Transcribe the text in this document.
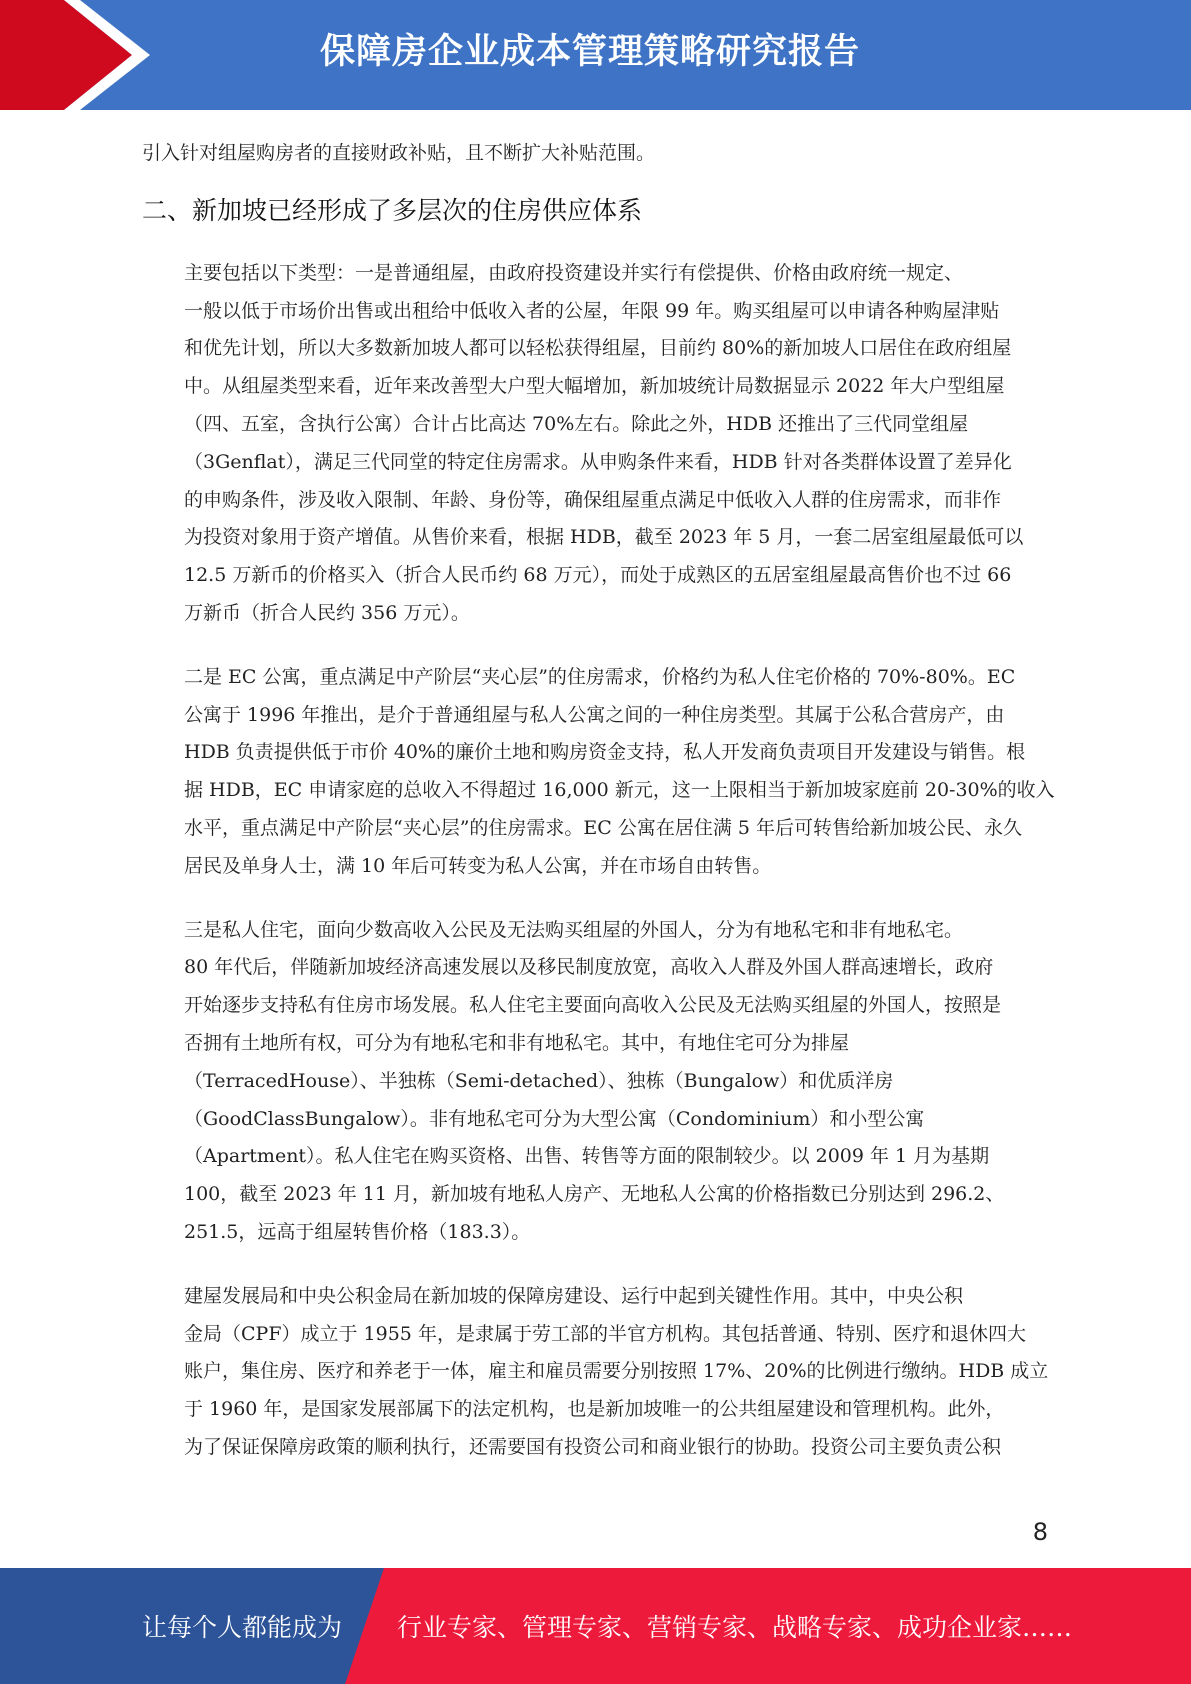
保障房企业成本管理策略研究报告

引入针对组屋购房者的直接财政补贴，且不断扩大补贴范围。

二、新加坡已经形成了多层次的住房供应体系

主要包括以下类型：一是普通组屋，由政府投资建设并实行有偿提供、价格由政府统一规定、
一般以低于市场价出售或出租给中低收入者的公屋，年限 99 年。购买组屋可以申请各种购屋津贴
和优先计划，所以大多数新加坡人都可以轻松获得组屋，目前约 80%的新加坡人口居住在政府组屋
中。从组屋类型来看，近年来改善型大户型大幅增加，新加坡统计局数据显示 2022 年大户型组屋
（四、五室，含执行公寓）合计占比高达 70%左右。除此之外，HDB 还推出了三代同堂组屋
（3Genflat），满足三代同堂的特定住房需求。从申购条件来看，HDB 针对各类群体设置了差异化
的申购条件，涉及收入限制、年龄、身份等，确保组屋重点满足中低收入人群的住房需求，而非作
为投资对象用于资产增值。从售价来看，根据 HDB，截至 2023 年 5 月，一套二居室组屋最低可以
12.5 万新币的价格买入（折合人民币约 68 万元），而处于成熟区的五居室组屋最高售价也不过 66
万新币（折合人民约 356 万元）。

二是 EC 公寓，重点满足中产阶层“夹心层”的住房需求，价格约为私人住宅价格的 70%-80%。EC
公寓于 1996 年推出，是介于普通组屋与私人公寓之间的一种住房类型。其属于公私合营房产，由
HDB 负责提供低于市价 40%的廉价土地和购房资金支持，私人开发商负责项目开发建设与销售。根
据 HDB，EC 申请家庭的总收入不得超过 16,000 新元，这一上限相当于新加坡家庭前 20-30%的收入
水平，重点满足中产阶层“夹心层”的住房需求。EC 公寓在居住满 5 年后可转售给新加坡公民、永久
居民及单身人士，满 10 年后可转变为私人公寓，并在市场自由转售。

三是私人住宅，面向少数高收入公民及无法购买组屋的外国人，分为有地私宅和非有地私宅。
80 年代后，伴随新加坡经济高速发展以及移民制度放宽，高收入人群及外国人群高速增长，政府
开始逐步支持私有住房市场发展。私人住宅主要面向高收入公民及无法购买组屋的外国人，按照是
否拥有土地所有权，可分为有地私宅和非有地私宅。其中，有地住宅可分为排屋
（TerracedHouse）、半独栋（Semi-detached）、独栋（Bungalow）和优质洋房
（GoodClassBungalow）。非有地私宅可分为大型公寓（Condominium）和小型公寓
（Apartment）。私人住宅在购买资格、出售、转售等方面的限制较少。以 2009 年 1 月为基期
100，截至 2023 年 11 月，新加坡有地私人房产、无地私人公寓的价格指数已分别达到 296.2、
251.5，远高于组屋转售价格（183.3）。

建屋发展局和中央公积金局在新加坡的保障房建设、运行中起到关键性作用。其中，中央公积
金局（CPF）成立于 1955 年，是隶属于劳工部的半官方机构。其包括普通、特别、医疗和退休四大
账户，集住房、医疗和养老于一体，雇主和雇员需要分别按照 17%、20%的比例进行缴纳。HDB 成立
于 1960 年，是国家发展部属下的法定机构，也是新加坡唯一的公共组屋建设和管理机构。此外，
为了保证保障房政策的顺利执行，还需要国有投资公司和商业银行的协助。投资公司主要负责公积

8
让每个人都能成为 行业专家、管理专家、营销专家、战略专家、成功企业家……
